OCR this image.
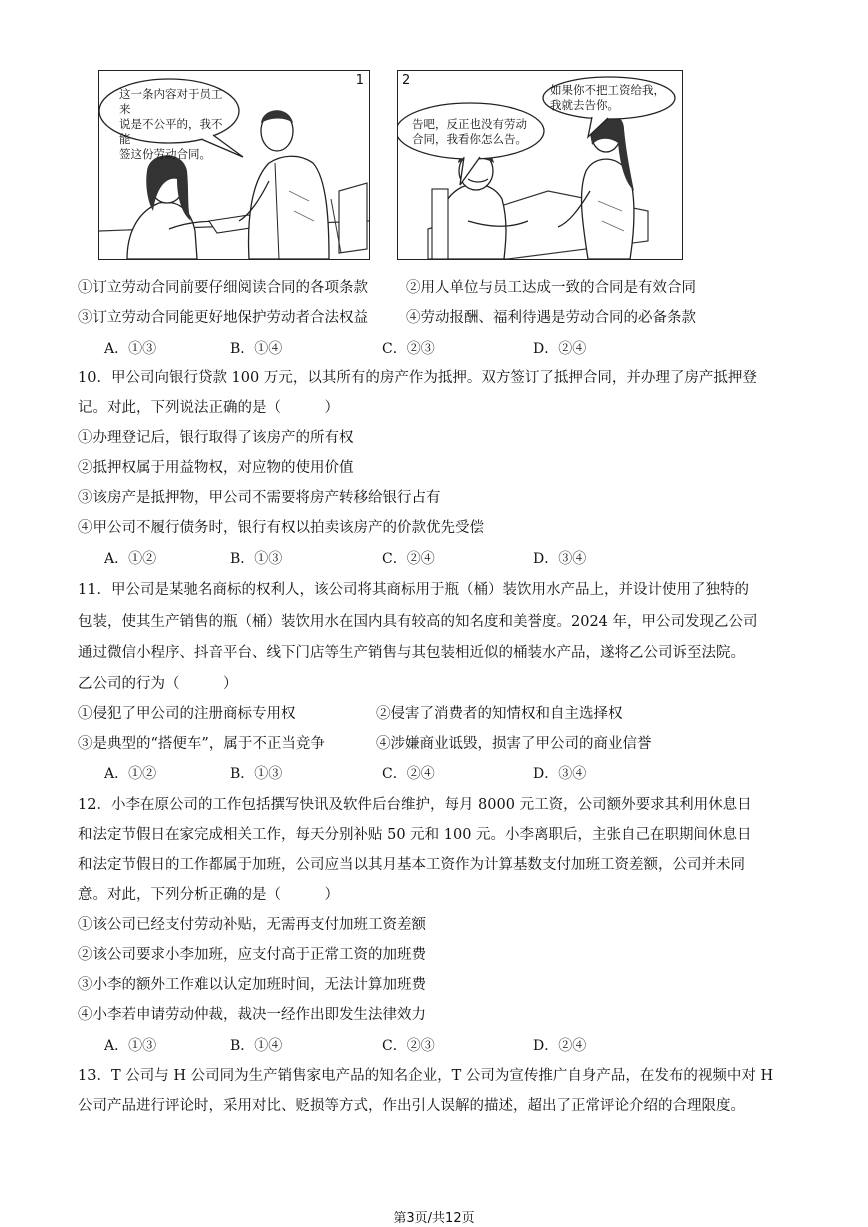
1
这一条内容对于员工来
说是不公平的，我不能
签这份劳动合同。
2
告吧，反正也没有劳动
合同，我看你怎么告。
如果你不把工资给我，
我就去告你。
①订立劳动合同前要仔细阅读合同的各项条款	②用人单位与员工达成一致的合同是有效合同
③订立劳动合同能更好地保护劳动者合法权益	④劳动报酬、福利待遇是劳动合同的必备条款
A．①③	B．①④	C．②③	D．②④
10．甲公司向银行贷款 100 万元，以其所有的房产作为抵押。双方签订了抵押合同，并办理了房产抵押登
记。对此，下列说法正确的是（　　　）
①办理登记后，银行取得了该房产的所有权
②抵押权属于用益物权，对应物的使用价值
③该房产是抵押物，甲公司不需要将房产转移给银行占有
④甲公司不履行债务时，银行有权以拍卖该房产的价款优先受偿
A．①②	B．①③	C．②④	D．③④
11．甲公司是某驰名商标的权利人，该公司将其商标用于瓶（桶）装饮用水产品上，并设计使用了独特的
包装，使其生产销售的瓶（桶）装饮用水在国内具有较高的知名度和美誉度。2024 年，甲公司发现乙公司
通过微信小程序、抖音平台、线下门店等生产销售与其包装相近似的桶装水产品，遂将乙公司诉至法院。
乙公司的行为（　　　）
①侵犯了甲公司的注册商标专用权	②侵害了消费者的知情权和自主选择权
③是典型的“搭便车”，属于不正当竞争	④涉嫌商业诋毁，损害了甲公司的商业信誉
A．①②	B．①③	C．②④	D．③④
12．小李在原公司的工作包括撰写快讯及软件后台维护，每月 8000 元工资，公司额外要求其利用休息日
和法定节假日在家完成相关工作，每天分别补贴 50 元和 100 元。小李离职后，主张自己在职期间休息日
和法定节假日的工作都属于加班，公司应当以其月基本工资作为计算基数支付加班工资差额，公司并未同
意。对此，下列分析正确的是（　　　）
①该公司已经支付劳动补贴，无需再支付加班工资差额
②该公司要求小李加班，应支付高于正常工资的加班费
③小李的额外工作难以认定加班时间，无法计算加班费
④小李若申请劳动仲裁，裁决一经作出即发生法律效力
A．①③	B．①④	C．②③	D．②④
13．T 公司与 H 公司同为生产销售家电产品的知名企业，T 公司为宣传推广自身产品，在发布的视频中对 H
公司产品进行评论时，采用对比、贬损等方式，作出引人误解的描述，超出了正常评论介绍的合理限度。
第3页/共12页
